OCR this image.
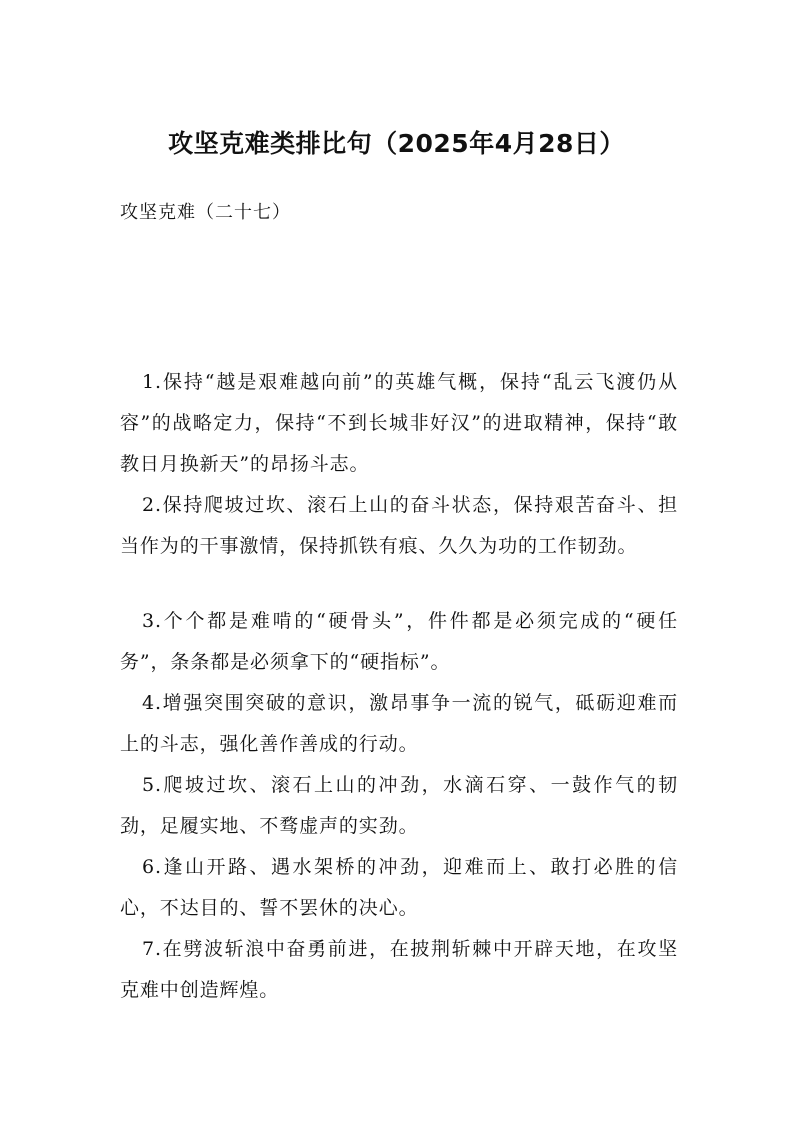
攻坚克难类排比句（2025年4月28日）

攻坚克难（二十七）

1.保持“越是艰难越向前”的英雄气概，保持“乱云飞渡仍从容”的战略定力，保持“不到长城非好汉”的进取精神，保持“敢教日月换新天”的昂扬斗志。

2.保持爬坡过坎、滚石上山的奋斗状态，保持艰苦奋斗、担当作为的干事激情，保持抓铁有痕、久久为功的工作韧劲。

3.个个都是难啃的“硬骨头”，件件都是必须完成的“硬任务”，条条都是必须拿下的“硬指标”。

4.增强突围突破的意识，激昂事争一流的锐气，砥砺迎难而上的斗志，强化善作善成的行动。

5.爬坡过坎、滚石上山的冲劲，水滴石穿、一鼓作气的韧劲，足履实地、不骛虚声的实劲。

6.逢山开路、遇水架桥的冲劲，迎难而上、敢打必胜的信心，不达目的、誓不罢休的决心。

7.在劈波斩浪中奋勇前进，在披荆斩棘中开辟天地，在攻坚克难中创造辉煌。
